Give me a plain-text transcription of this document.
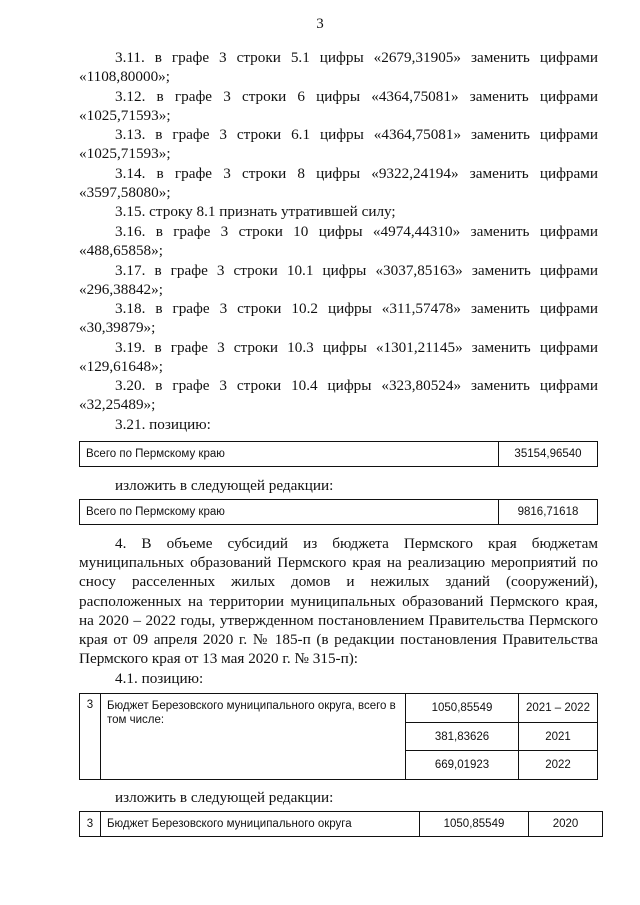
3
3.11. в графе 3 строки 5.1 цифры «2679,31905» заменить цифрами
«1108,80000»;
3.12. в графе 3 строки 6 цифры «4364,75081» заменить цифрами
«1025,71593»;
3.13. в графе 3 строки 6.1 цифры «4364,75081» заменить цифрами
«1025,71593»;
3.14. в графе 3 строки 8 цифры «9322,24194» заменить цифрами
«3597,58080»;
3.15. строку 8.1 признать утратившей силу;
3.16. в графе 3 строки 10 цифры «4974,44310» заменить цифрами
«488,65858»;
3.17. в графе 3 строки 10.1 цифры «3037,85163» заменить цифрами
«296,38842»;
3.18. в графе 3 строки 10.2 цифры «311,57478» заменить цифрами
«30,39879»;
3.19. в графе 3 строки 10.3 цифры «1301,21145» заменить цифрами
«129,61648»;
3.20. в графе 3 строки 10.4 цифры «323,80524» заменить цифрами
«32,25489»;
3.21. позицию:
Всего по Пермскому краю	35154,96540
изложить в следующей редакции:
Всего по Пермскому краю	9816,71618
4. В объеме субсидий из бюджета Пермского края бюджетам муниципальных образований Пермского края на реализацию мероприятий по сносу расселенных жилых домов и нежилых зданий (сооружений), расположенных на территории муниципальных образований Пермского края, на 2020 – 2022 годы, утвержденном постановлением Правительства Пермского края от 09 апреля 2020 г. № 185-п (в редакции постановления Правительства Пермского края от 13 мая 2020 г. № 315-п):
4.1. позицию:
3	Бюджет Березовского муниципального округа, всего в том числе:	1050,85549	2021 – 2022
		381,83626	2021
		669,01923	2022
изложить в следующей редакции:
3	Бюджет Березовского муниципального округа	1050,85549	2020
